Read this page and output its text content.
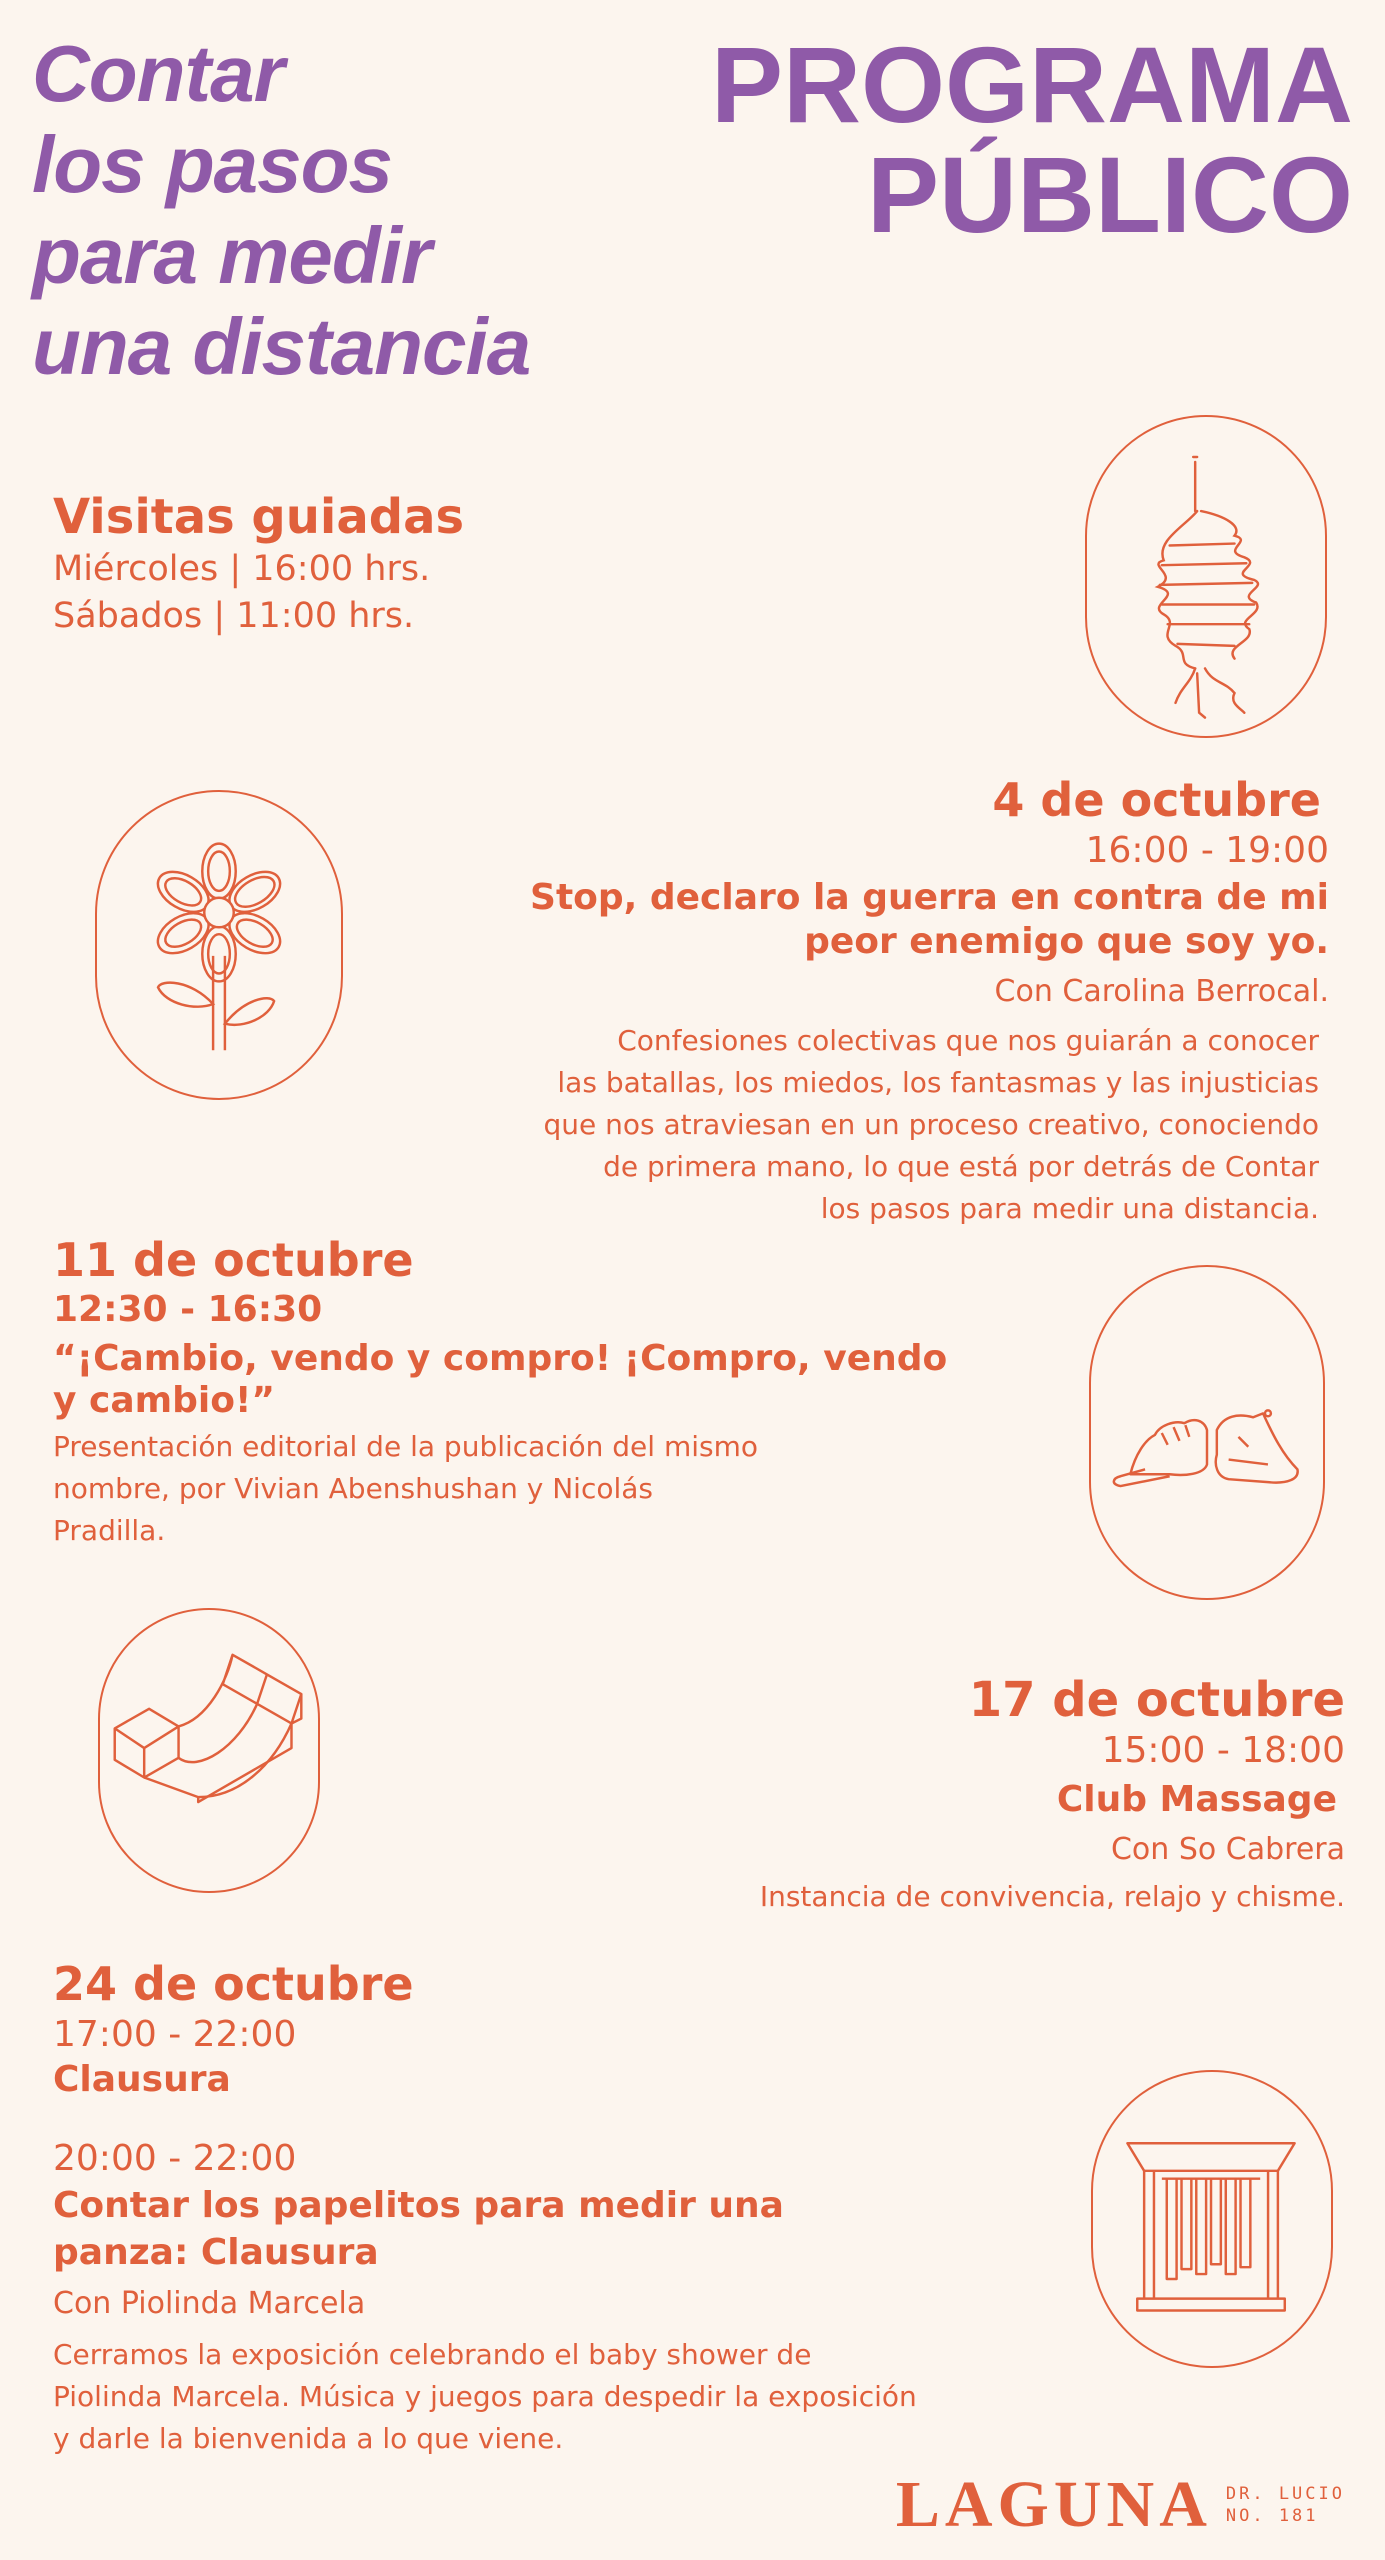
Contar
los pasos
para medir
una distancia
PROGRAMA
PÚBLICO
Visitas guiadas
Miércoles | 16:00 hrs.
Sábados | 11:00 hrs.
4 de octubre
16:00 - 19:00
Stop, declaro la guerra en contra de mi
peor enemigo que soy yo.
Con Carolina Berrocal.
Confesiones colectivas que nos guiarán a conocer
las batallas, los miedos, los fantasmas y las injusticias
que nos atraviesan en un proceso creativo, conociendo
de primera mano, lo que está por detrás de Contar
los pasos para medir una distancia.
11 de octubre
12:30 - 16:30
“¡Cambio, vendo y compro! ¡Compro, vendo
y cambio!”
Presentación editorial de la publicación del mismo
nombre, por Vivian Abenshushan y Nicolás
Pradilla.
17 de octubre
15:00 - 18:00
Club Massage
Con So Cabrera
Instancia de convivencia, relajo y chisme.
24 de octubre
17:00 - 22:00
Clausura
20:00 - 22:00
Contar los papelitos para medir una
panza: Clausura
Con Piolinda Marcela
Cerramos la exposición celebrando el baby shower de
Piolinda Marcela. Música y juegos para despedir la exposición
y darle la bienvenida a lo que viene.
LAGUNA DR. LUCIO
NO. 181
